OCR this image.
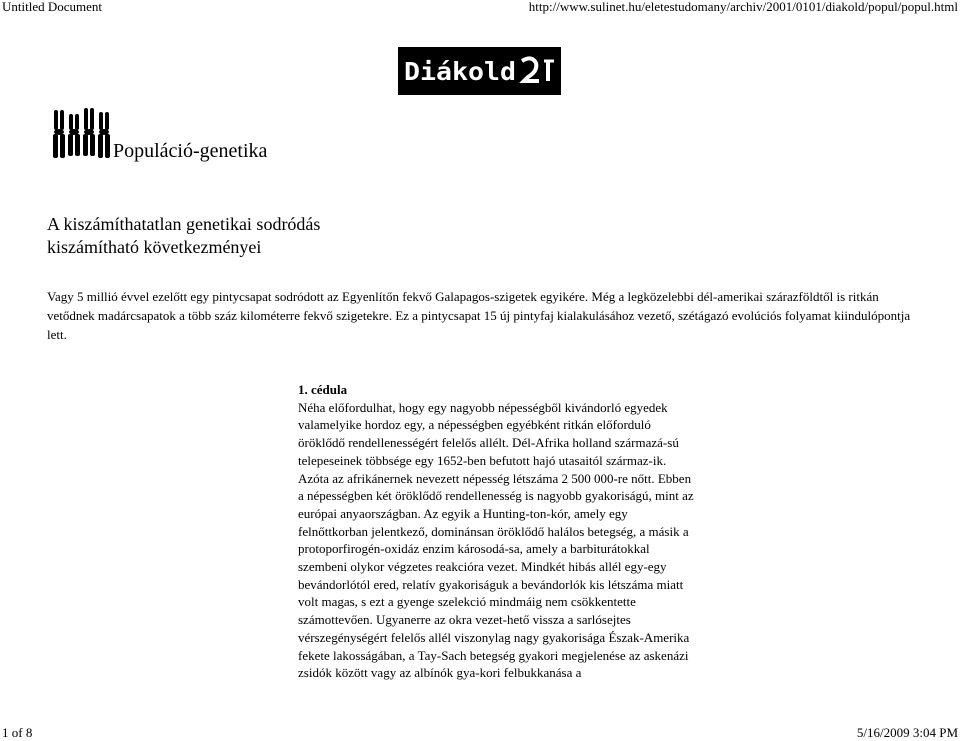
Untitled Document	http://www.sulinet.hu/eletestudomany/archiv/2001/0101/diakold/popul/popul.html
Diákold
Populáció-genetika
A kiszámíthatatlan genetikai sodródás
kiszámítható következményei

Vagy 5 millió évvel ezelőtt egy pintycsapat sodródott az Egyenlítőn fekvő Galapagos-szigetek egyikére. Még a legközelebbi dél-amerikai szárazföldtől is ritkán vetődnek madárcsapatok a több száz kilométerre fekvő szigetekre. Ez a pintycsapat 15 új pintyfaj kialakulásához vezető, szétágazó evolúciós folyamat kiindulópontja lett.

1. cédula

Néha előfordulhat, hogy egy nagyobb népességből kivándorló egyedek valamelyike hordoz egy, a népességben egyébként ritkán előforduló öröklődő rendellenességért felelős allélt. Dél-Afrika holland származá-sú telepeseinek többsége egy 1652-ben befutott hajó utasaitól származ-ik. Azóta az afrikánernek nevezett népesség létszáma 2 500 000-re nőtt. Ebben a népességben két öröklődő rendellenesség is nagyobb gyakoriságú, mint az európai anyaországban. Az egyik a Hunting-ton-kór, amely egy felnőttkorban jelentkező, dominánsan öröklődő halálos betegség, a másik a protoporfirogén-oxidáz enzim károsodá-sa, amely a barbiturátokkal szembeni olykor végzetes reakcióra vezet. Mindkét hibás allél egy-egy bevándorlótól ered, relatív gyakoriságuk a bevándorlók kis létszáma miatt volt magas, s ezt a gyenge szelekció mindmáig nem csökkentette számottevően. Ugyanerre az okra vezet-hető vissza a sarlósejtes vérszegénységért felelős allél viszonylag nagy gyakorisága Észak-Amerika fekete lakosságában, a Tay-Sach betegség gyakori megjelenése az askenázi zsidók között vagy az albínók gya-kori felbukkanása a

1 of 8	5/16/2009 3:04 PM
